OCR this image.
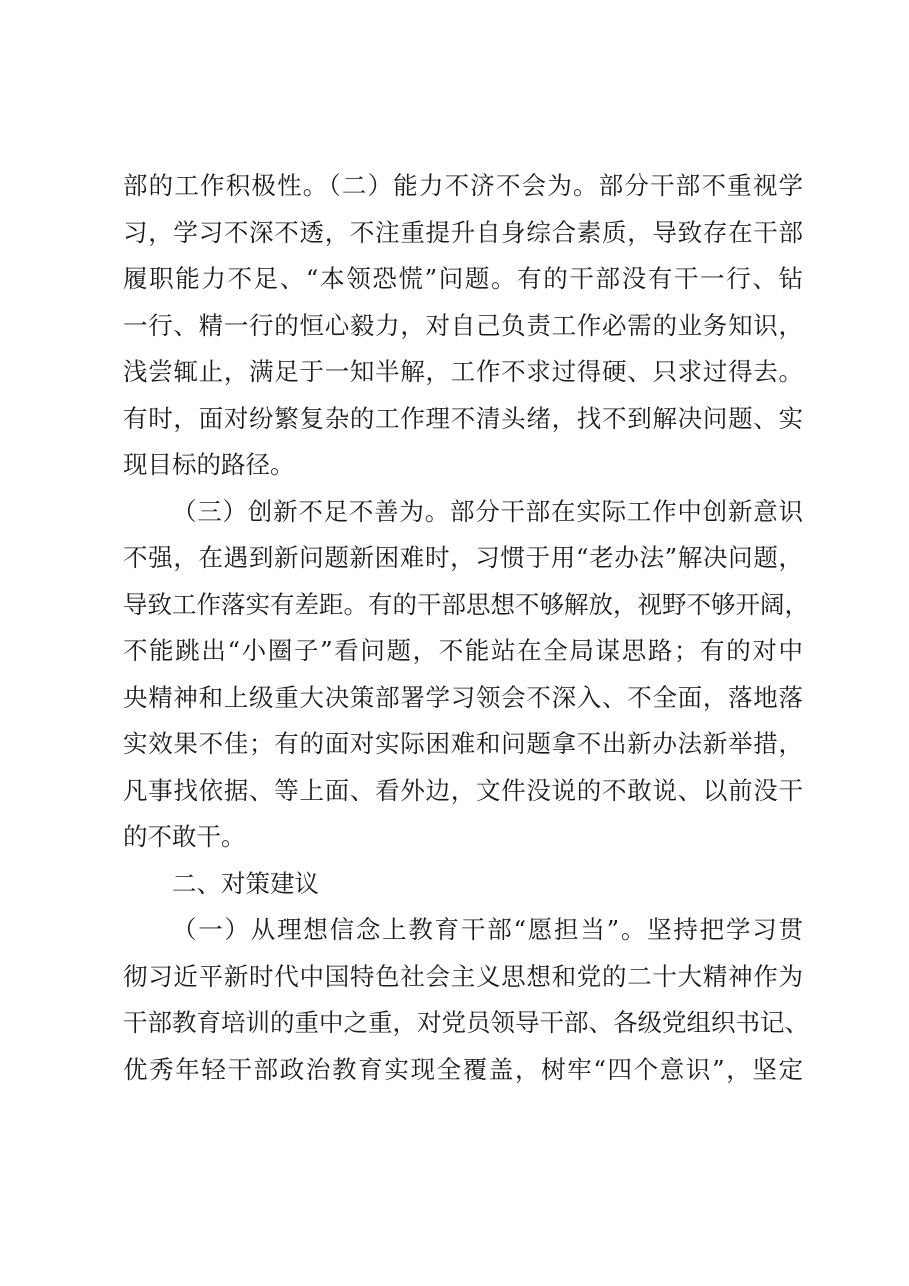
部的工作积极性。（二）能力不济不会为。部分干部不重视学
习，学习不深不透，不注重提升自身综合素质，导致存在干部
履职能力不足、“本领恐慌”问题。有的干部没有干一行、钻
一行、精一行的恒心毅力，对自己负责工作必需的业务知识，
浅尝辄止，满足于一知半解，工作不求过得硬、只求过得去。
有时，面对纷繁复杂的工作理不清头绪，找不到解决问题、实
现目标的路径。
（三）创新不足不善为。部分干部在实际工作中创新意识
不强，在遇到新问题新困难时，习惯于用“老办法”解决问题，
导致工作落实有差距。有的干部思想不够解放，视野不够开阔，
不能跳出“小圈子”看问题，不能站在全局谋思路；有的对中
央精神和上级重大决策部署学习领会不深入、不全面，落地落
实效果不佳；有的面对实际困难和问题拿不出新办法新举措，
凡事找依据、等上面、看外边，文件没说的不敢说、以前没干
的不敢干。
二、对策建议
（一）从理想信念上教育干部“愿担当”。坚持把学习贯
彻习近平新时代中国特色社会主义思想和党的二十大精神作为
干部教育培训的重中之重，对党员领导干部、各级党组织书记、
优秀年轻干部政治教育实现全覆盖，树牢“四个意识”，坚定
